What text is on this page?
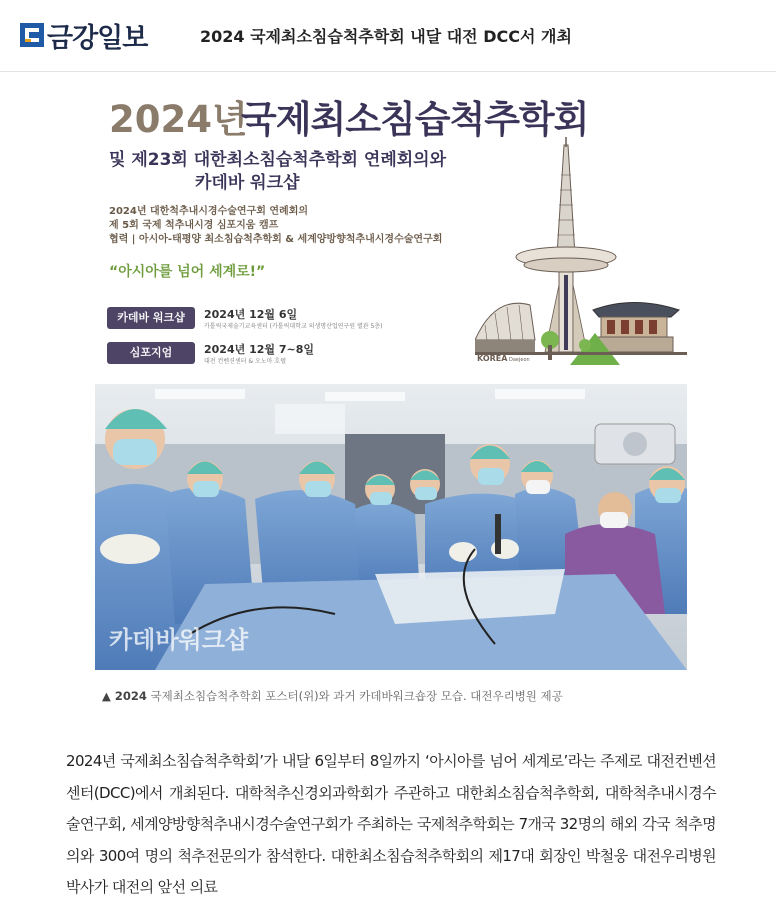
금강일보	2024 국제최소침습척추학회 내달 대전 DCC서 개최
2024년
국제최소침습척추학회
및 제23회 대한최소침습척추학회 연례회의와
카데바 워크샵
2024년 대한척추내시경수술연구회 연례회의
제 5회 국제 척추내시경 심포지움 캠프
협력 | 아시아-태평양 최소침습척추학회 & 세계양방향척추내시경수술연구회
“아시아를 넘어 세계로!”
카데바 워크샵	2024년 12월 6일
카톨릭국제술기교육센터 (카톨릭대학교 의생명산업연구원 별관 5층)
심포지엄	2024년 12월 7~8일
대전 컨벤션센터 & 오노마 호텔	KOREA Daejeon
카데바워크샵
▲ 2024 국제최소침습척추학회 포스터(위)와 과거 카데바워크숍장 모습. 대전우리병원 제공
2024년 국제최소침습척추학회’가 내달 6일부터 8일까지 ‘아시아를 넘어 세계로’라는 주제로 대전컨벤션센터(DCC)에서 개최된다. 대학척추신경외과학회가 주관하고 대한최소침습척추학회, 대학척추내시경수술연구회, 세계양방향척추내시경수술연구회가 주최하는 국제척추학회는 7개국 32명의 해외 각국 척추명의와 300여 명의 척추전문의가 참석한다. 대한최소침습척추학회의 제17대 회장인 박철웅 대전우리병원 박사가 대전의 앞선 의료
